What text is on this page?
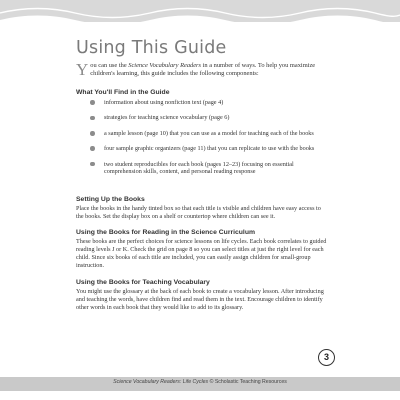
Using This Guide
You can use the Science Vocabulary Readers in a number of ways. To help you maximize children's learning, this guide includes the following components:
What You'll Find in the Guide
information about using nonfiction text (page 4)
strategies for teaching science vocabulary (page 6)
a sample lesson (page 10) that you can use as a model for teaching each of the books
four sample graphic organizers (page 11) that you can replicate to use with the books
two student reproducibles for each book (pages 12–23) focusing on essential comprehension skills, content, and personal reading response
Setting Up the Books

Place the books in the handy tinted box so that each title is visible and children have easy access to the books. Set the display box on a shelf or countertop where children can see it.

Using the Books for Reading in the Science Curriculum

These books are the perfect choices for science lessons on life cycles. Each book correlates to guided reading levels J or K. Check the grid on page 8 so you can select titles at just the right level for each child. Since six books of each title are included, you can easily assign children for small-group instruction.

Using the Books for Teaching Vocabulary

You might use the glossary at the back of each book to create a vocabulary lesson. After introducing and teaching the words, have children find and read them in the text. Encourage children to identify other words in each book that they would like to add to its glossary.

3
Science Vocabulary Readers: Life Cycles © Scholastic Teaching Resources
